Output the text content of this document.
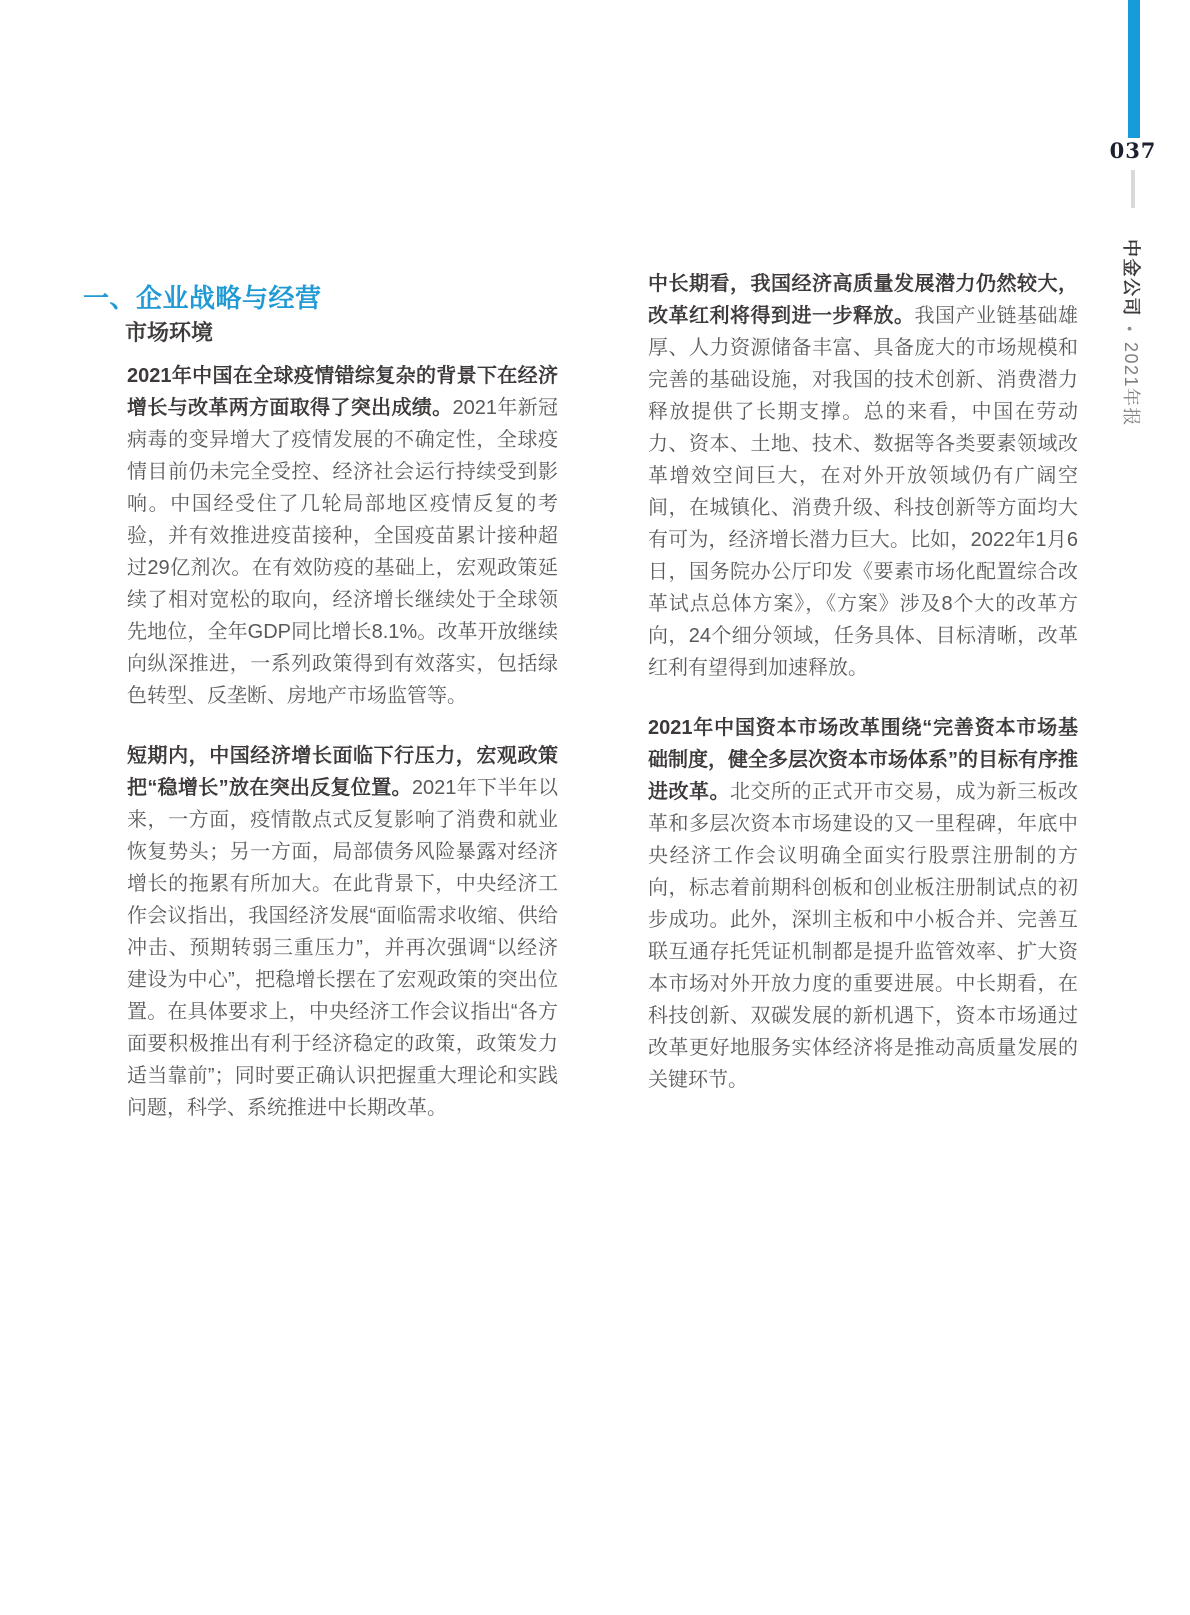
037
中金公司●2021年报
一、企业战略与经营
市场环境

2021年中国在全球疫情错综复杂的背景下在经济增长与改革两方面取得了突出成绩。2021年新冠病毒的变异增大了疫情发展的不确定性，全球疫情目前仍未完全受控、经济社会运行持续受到影响。中国经受住了几轮局部地区疫情反复的考验，并有效推进疫苗接种，全国疫苗累计接种超过29亿剂次。在有效防疫的基础上，宏观政策延续了相对宽松的取向，经济增长继续处于全球领先地位，全年GDP同比增长8.1%。改革开放继续向纵深推进，一系列政策得到有效落实，包括绿色转型、反垄断、房地产市场监管等。

短期内，中国经济增长面临下行压力，宏观政策把“稳增长”放在突出反复位置。2021年下半年以来，一方面，疫情散点式反复影响了消费和就业恢复势头；另一方面，局部债务风险暴露对经济增长的拖累有所加大。在此背景下，中央经济工作会议指出，我国经济发展“面临需求收缩、供给冲击、预期转弱三重压力”，并再次强调“以经济建设为中心”，把稳增长摆在了宏观政策的突出位置。在具体要求上，中央经济工作会议指出“各方面要积极推出有利于经济稳定的政策，政策发力适当靠前”；同时要正确认识把握重大理论和实践问题，科学、系统推进中长期改革。

中长期看，我国经济高质量发展潜力仍然较大，改革红利将得到进一步释放。我国产业链基础雄厚、人力资源储备丰富、具备庞大的市场规模和完善的基础设施，对我国的技术创新、消费潜力释放提供了长期支撑。总的来看，中国在劳动力、资本、土地、技术、数据等各类要素领域改革增效空间巨大，在对外开放领域仍有广阔空间，在城镇化、消费升级、科技创新等方面均大有可为，经济增长潜力巨大。比如，2022年1月6日，国务院办公厅印发《要素市场化配置综合改革试点总体方案》，《方案》涉及8个大的改革方向，24个细分领域，任务具体、目标清晰，改革红利有望得到加速释放。

2021年中国资本市场改革围绕“完善资本市场基础制度，健全多层次资本市场体系”的目标有序推进改革。北交所的正式开市交易，成为新三板改革和多层次资本市场建设的又一里程碑，年底中央经济工作会议明确全面实行股票注册制的方向，标志着前期科创板和创业板注册制试点的初步成功。此外，深圳主板和中小板合并、完善互联互通存托凭证机制都是提升监管效率、扩大资本市场对外开放力度的重要进展。中长期看，在科技创新、双碳发展的新机遇下，资本市场通过改革更好地服务实体经济将是推动高质量发展的关键环节。
